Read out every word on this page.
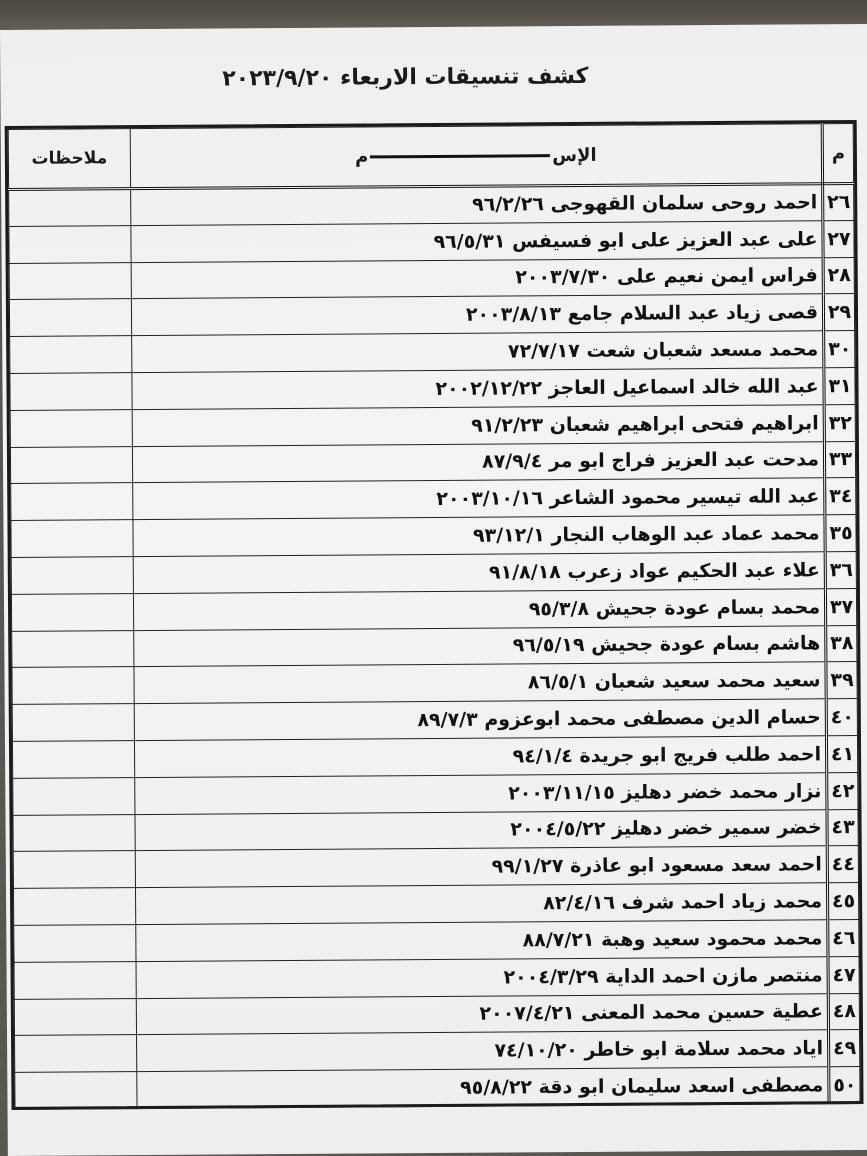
كشف تنسيقات الاربعاء ٢٠٢٣/٩/٢٠
م	الإسم	ملاحظات
٢٦	احمد روحى سلمان القهوجى ٩٦/٢/٢٦	
٢٧	على عبد العزيز على ابو فسيفس ٩٦/٥/٣١	
٢٨	فراس ايمن نعيم على ٢٠٠٣/٧/٣٠	
٢٩	قصى زياد عبد السلام جامع ٢٠٠٣/٨/١٣	
٣٠	محمد مسعد شعبان شعت ٧٢/٧/١٧	
٣١	عبد الله خالد اسماعيل العاجز ٢٠٠٢/١٢/٢٢	
٣٢	ابراهيم فتحى ابراهيم شعبان ٩١/٢/٢٣	
٣٣	مدحت عبد العزيز فراج ابو مر ٨٧/٩/٤	
٣٤	عبد الله تيسير محمود الشاعر ٢٠٠٣/١٠/١٦	
٣٥	محمد عماد عبد الوهاب النجار ٩٣/١٢/١	
٣٦	علاء عبد الحكيم عواد زعرب ٩١/٨/١٨	
٣٧	محمد بسام عودة جحيش ٩٥/٣/٨	
٣٨	هاشم بسام عودة جحيش ٩٦/٥/١٩	
٣٩	سعيد محمد سعيد شعبان ٨٦/٥/١	
٤٠	حسام الدين مصطفى محمد ابوعزوم ٨٩/٧/٣	
٤١	احمد طلب فريج ابو جريدة ٩٤/١/٤	
٤٢	نزار محمد خضر دهليز ٢٠٠٣/١١/١٥	
٤٣	خضر سمير خضر دهليز ٢٠٠٤/٥/٢٢	
٤٤	احمد سعد مسعود ابو عاذرة ٩٩/١/٢٧	
٤٥	محمد زياد احمد شرف ٨٢/٤/١٦	
٤٦	محمد محمود سعيد وهبة ٨٨/٧/٢١	
٤٧	منتصر مازن احمد الداية ٢٠٠٤/٣/٢٩	
٤٨	عطية حسين محمد المعنى ٢٠٠٧/٤/٢١	
٤٩	اياد محمد سلامة ابو خاطر ٧٤/١٠/٢٠	
٥٠	مصطفى اسعد سليمان ابو دقة ٩٥/٨/٢٢	
